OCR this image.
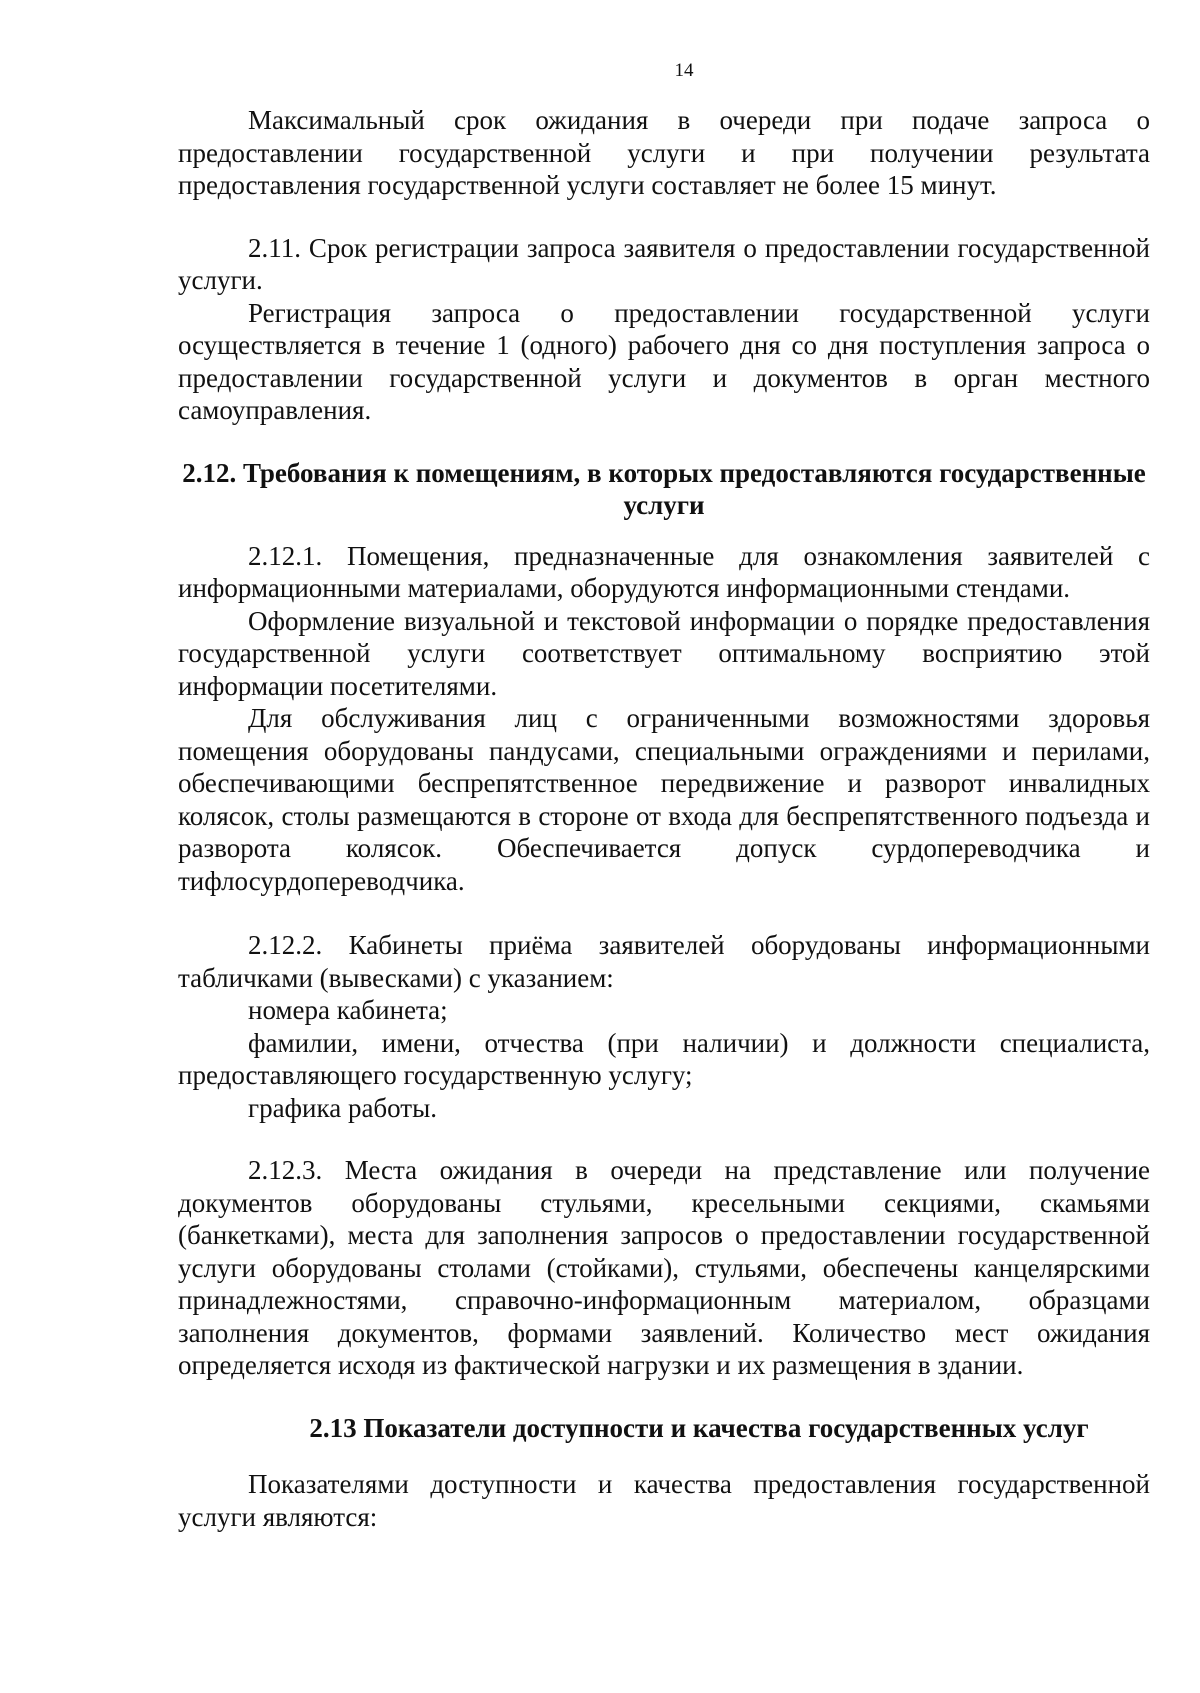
14

Максимальный срок ожидания в очереди при подаче запроса о предоставлении государственной услуги и при получении результата предоставления государственной услуги составляет не более 15 минут.

2.11. Срок регистрации запроса заявителя о предоставлении государственной услуги.

Регистрация запроса о предоставлении государственной услуги осуществляется в течение 1 (одного) рабочего дня со дня поступления запроса о предоставлении государственной услуги и документов в орган местного самоуправления.

2.12. Требования к помещениям, в которых предоставляются государственные услуги

2.12.1. Помещения, предназначенные для ознакомления заявителей с информационными материалами, оборудуются информационными стендами.

Оформление визуальной и текстовой информации о порядке предоставления государственной услуги соответствует оптимальному восприятию этой информации посетителями.

Для обслуживания лиц с ограниченными возможностями здоровья помещения оборудованы пандусами, специальными ограждениями и перилами, обеспечивающими беспрепятственное передвижение и разворот инвалидных колясок, столы размещаются в стороне от входа для беспрепятственного подъезда и разворота колясок. Обеспечивается допуск сурдопереводчика и тифлосурдопереводчика.

2.12.2. Кабинеты приёма заявителей оборудованы информационными табличками (вывесками) с указанием:

номера кабинета;

фамилии, имени, отчества (при наличии) и должности специалиста, предоставляющего государственную услугу;

графика работы.

2.12.3. Места ожидания в очереди на представление или получение документов оборудованы стульями, кресельными секциями, скамьями (банкетками), места для заполнения запросов о предоставлении государственной услуги оборудованы столами (стойками), стульями, обеспечены канцелярскими принадлежностями, справочно-информационным материалом, образцами заполнения документов, формами заявлений. Количество мест ожидания определяется исходя из фактической нагрузки и их размещения в здании.

2.13 Показатели доступности и качества государственных услуг

Показателями доступности и качества предоставления государственной услуги являются:
